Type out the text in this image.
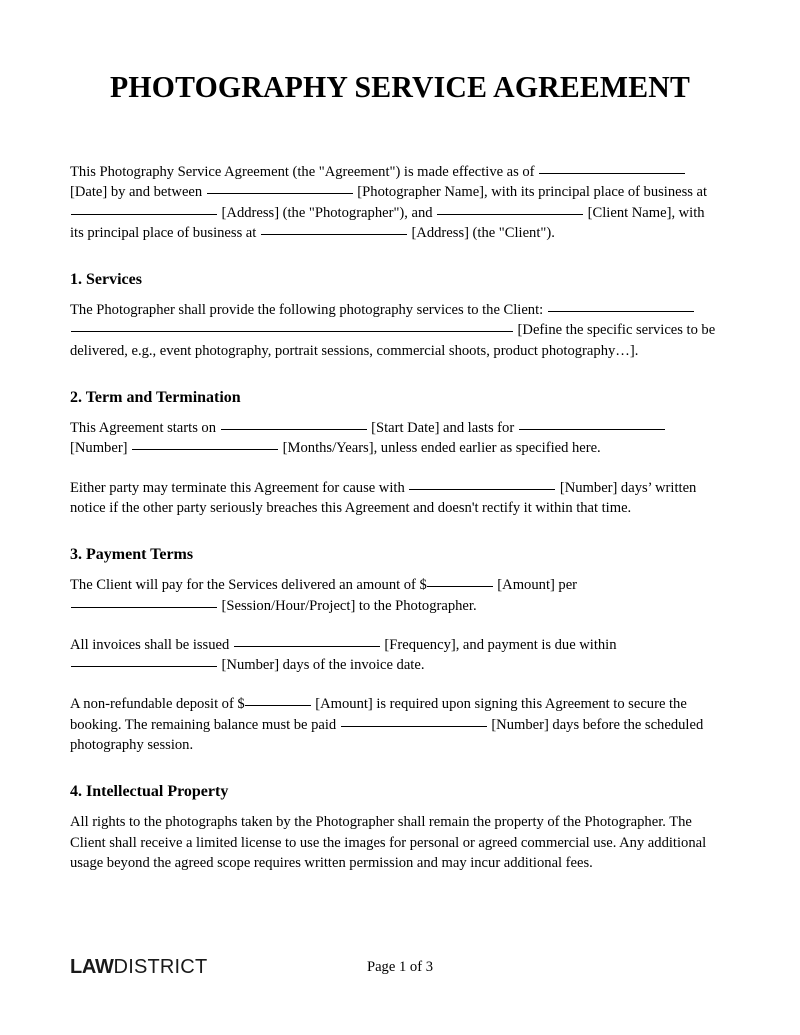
PHOTOGRAPHY SERVICE AGREEMENT

This Photography Service Agreement (the "Agreement") is made effective as of  [Date] by and between	[Photographer Name], with its principal place of business at  [Address] (the "Photographer"), and	[Client Name], with its principal place of business at	[Address] (the "Client").

1. Services

The Photographer shall provide the following photography services to the Client:  [Define the specific services to be delivered, e.g., event photography, portrait sessions, commercial shoots, product photography…].

2. Term and Termination

This Agreement starts on	[Start Date] and lasts for  [Number]	[Months/Years], unless ended earlier as specified here.

Either party may terminate this Agreement for cause with	[Number] days’ written notice if the other party seriously breaches this Agreement and doesn't rectify it within that time.

3. Payment Terms

The Client will pay for the Services delivered an amount of $	[Amount] per  [Session/Hour/Project] to the Photographer.

All invoices shall be issued	[Frequency], and payment is due within  [Number] days of the invoice date.

A non-refundable deposit of $	[Amount] is required upon signing this Agreement to secure the booking. The remaining balance must be paid	[Number] days before the scheduled photography session.

4. Intellectual Property

All rights to the photographs taken by the Photographer shall remain the property of the Photographer. The Client shall receive a limited license to use the images for personal or agreed commercial use. Any additional usage beyond the agreed scope requires written permission and may incur additional fees.

LAWDISTRICT	Page 1 of 3
